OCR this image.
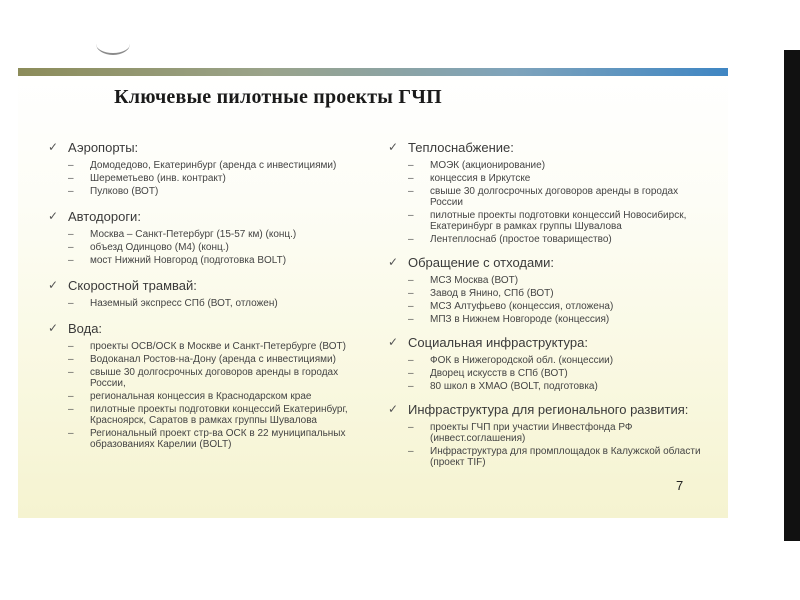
Ключевые пилотные проекты ГЧП
✓ Аэропорты:
– Домодедово, Екатеринбург (аренда с инвестициями)
– Шереметьево (инв. контракт)
– Пулково (ВОТ)
✓ Автодороги:
– Москва – Санкт-Петербург (15-57 км) (конц.)
– объезд Одинцово (М4) (конц.)
– мост Нижний Новгород (подготовка BOLT)
✓ Скоростной трамвай:
– Наземный экспресс СПб (ВОТ, отложен)
✓ Вода:
– проекты ОСВ/ОСК в Москве и Санкт-Петербурге (ВОТ)
– Водоканал Ростов-на-Дону (аренда с инвестициями)
– свыше 30 долгосрочных договоров аренды в городах России,
– региональная концессия в Краснодарском крае
– пилотные проекты подготовки концессий Екатеринбург, Красноярск, Саратов в рамках группы Шувалова
– Региональный проект стр-ва ОСК в 22 муниципальных образованиях Карелии (BOLT)
✓ Теплоснабжение:
– МОЭК (акционирование)
– концессия в Иркутске
– свыше 30 долгосрочных договоров аренды в городах России
– пилотные проекты подготовки концессий Новосибирск, Екатеринбург в рамках группы Шувалова
– Лентеплоснаб (простое товарищество)
✓ Обращение с отходами:
– МСЗ Москва (ВОТ)
– Завод в Янино, СПб (ВОТ)
– МСЗ Алтуфьево (концессия, отложена)
– МПЗ в Нижнем Новгороде (концессия)
✓ Социальная инфраструктура:
– ФОК в Нижегородской обл. (концессии)
– Дворец искусств в СПб (ВОТ)
– 80 школ в ХМАО (BOLT, подготовка)
✓ Инфраструктура для регионального развития:
– проекты ГЧП при участии Инвестфонда РФ (инвест.соглашения)
– Инфраструктура для промплощадок в Калужской области (проект TIF)
7
